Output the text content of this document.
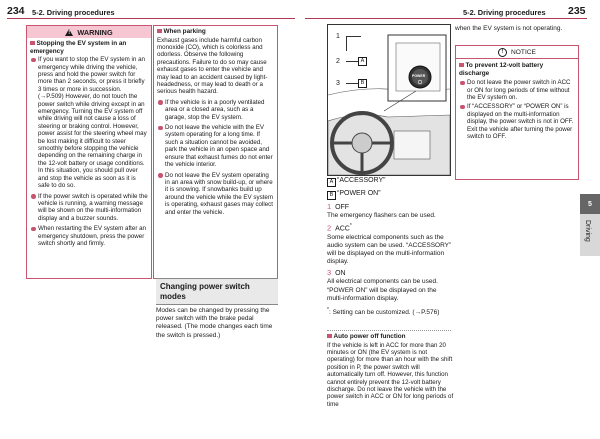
234 5-2. Driving procedures	5-2. Driving procedures 235
!
WARNING
Stopping the EV system in an emergency
If you want to stop the EV system in an emergency while driving the vehicle, press and hold the power switch for more than 2 seconds, or press it briefly 3 times or more in succession. (→P.509) However, do not touch the power switch while driving except in an emergency. Turning the EV system off while driving will not cause a loss of steering or braking control. However, power assist for the steering wheel may be lost making it difficult to steer smoothly before stopping the vehicle depending on the remaining charge in the 12-volt battery or usage conditions. In this situation, you should pull over and stop the vehicle as soon as it is safe to do so.
If the power switch is operated while the vehicle is running, a warning message will be shown on the multi-information display and a buzzer sounds.
When restarting the EV system after an emergency shutdown, press the power switch shortly and firmly.
When parking
Exhaust gases include harmful carbon monoxide (CO), which is colorless and odorless. Observe the following precautions. Failure to do so may cause exhaust gases to enter the vehicle and may lead to an accident caused by light-headedness, or may lead to death or a serious health hazard.
If the vehicle is in a poorly ventilated area or a closed area, such as a garage, stop the EV system.
Do not leave the vehicle with the EV system operating for a long time. If such a situation cannot be avoided, park the vehicle in an open space and ensure that exhaust fumes do not enter the vehicle interior.
Do not leave the EV system operating in an area with snow build-up, or where it is snowing. If snowbanks build up around the vehicle while the EV system is operating, exhaust gases may collect and enter the vehicle.
Changing power switch modes
Modes can be changed by pressing the power switch with the brake pedal released. (The mode changes each time the switch is pressed.)
POWER
1
2
3
A
B
A “ACCESSORY”
B “POWER ON”
1 OFF
The emergency flashers can be used.
2 ACC*
Some electrical components such as the audio system can be used. “ACCESSORY” will be displayed on the multi-information display.
3 ON
All electrical components can be used. “POWER ON” will be displayed on the multi-information display.
*: Setting can be customized. (→P.576)
Auto power off function
If the vehicle is left in ACC for more than 20 minutes or ON (the EV system is not operating) for more than an hour with the shift position in P, the power switch will automatically turn off. However, this function cannot entirely prevent the 12-volt battery discharge. Do not leave the vehicle with the power switch in ACC or ON for long periods of time
when the EV system is not operating.
!	NOTICE
To prevent 12-volt battery discharge
Do not leave the power switch in ACC or ON for long periods of time without the EV system on.
If “ACCESSORY” or “POWER ON” is displayed on the multi-information display, the power switch is not in OFF. Exit the vehicle after turning the power switch to OFF.
5
Driving
